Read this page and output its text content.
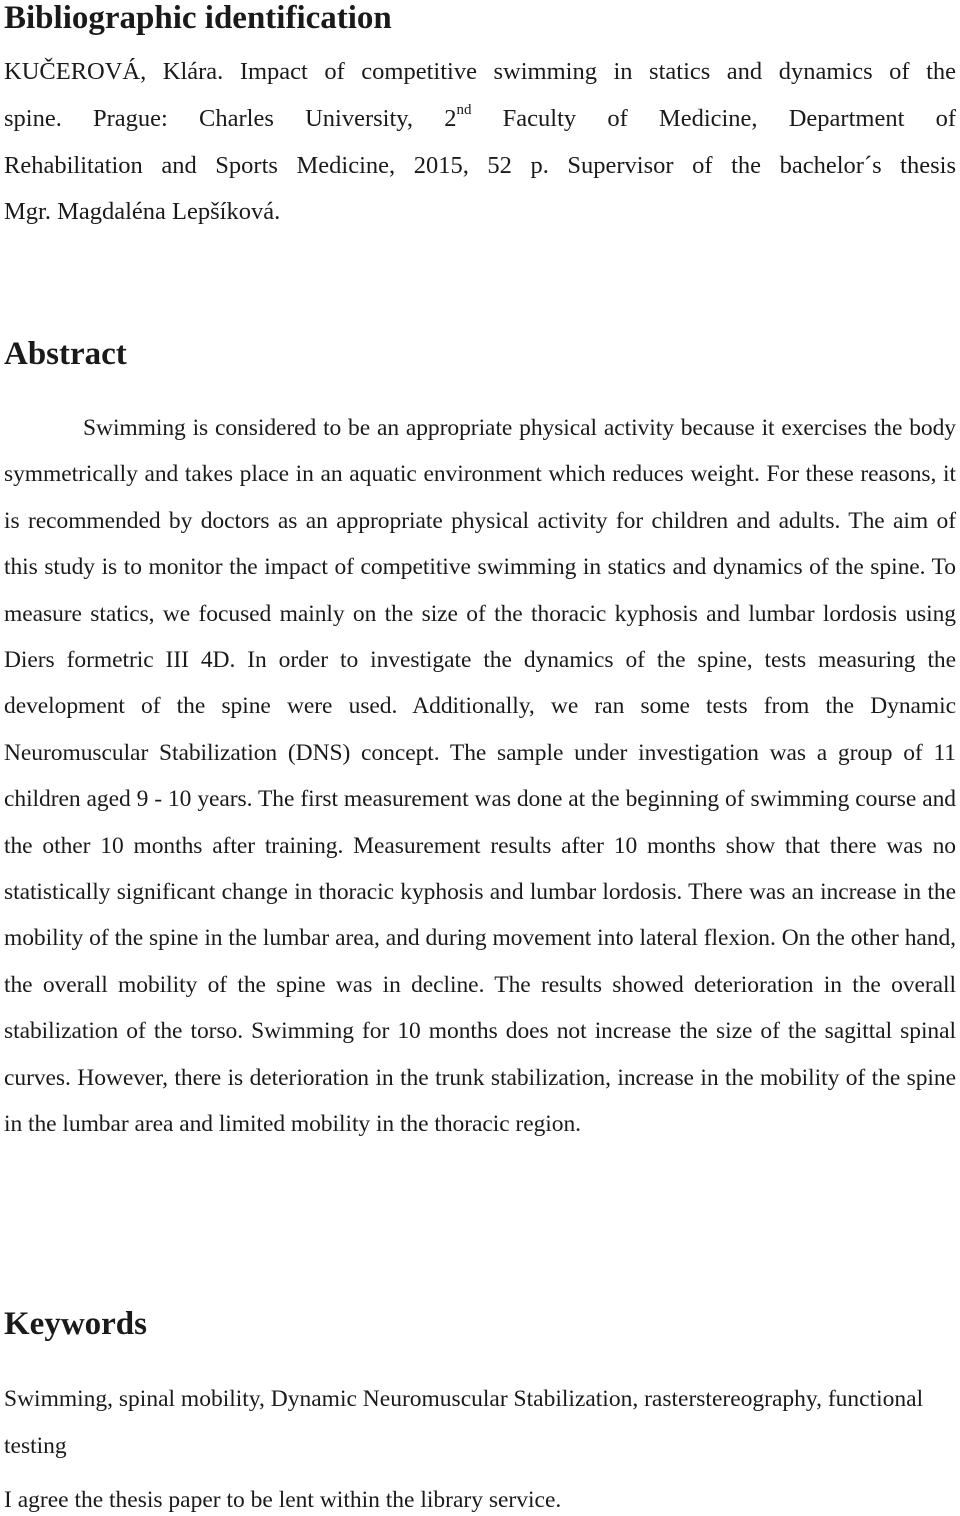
Bibliographic identification

KUČEROVÁ, Klára. Impact of competitive swimming in statics and dynamics of the

spine. Prague: Charles University, 2nd Faculty of Medicine, Department of

Rehabilitation and Sports Medicine, 2015, 52 p. Supervisor of the bachelor´s thesis

Mgr. Magdaléna Lepšíková.

Abstract

Swimming is considered to be an appropriate physical activity because it exercises the body symmetrically and takes place in an aquatic environment which reduces weight. For these reasons, it is recommended by doctors as an appropriate physical activity for children and adults. The aim of this study is to monitor the impact of competitive swimming in statics and dynamics of the spine. To measure statics, we focused mainly on the size of the thoracic kyphosis and lumbar lordosis using Diers formetric III 4D. In order to investigate the dynamics of the spine, tests measuring the development of the spine were used. Additionally, we ran some tests from the Dynamic Neuromuscular Stabilization (DNS) concept. The sample under investigation was a group of 11 children aged 9 - 10 years. The first measurement was done at the beginning of swimming course and the other 10 months after training. Measurement results after 10 months show that there was no statistically significant change in thoracic kyphosis and lumbar lordosis. There was an increase in the mobility of the spine in the lumbar area, and during movement into lateral flexion. On the other hand, the overall mobility of the spine was in decline. The results showed deterioration in the overall stabilization of the torso. Swimming for 10 months does not increase the size of the sagittal spinal curves. However, there is deterioration in the trunk stabilization, increase in the mobility of the spine in the lumbar area and limited mobility in the thoracic region.

Keywords

Swimming, spinal mobility, Dynamic Neuromuscular Stabilization, rasterstereography, functional testing

I agree the thesis paper to be lent within the library service.
